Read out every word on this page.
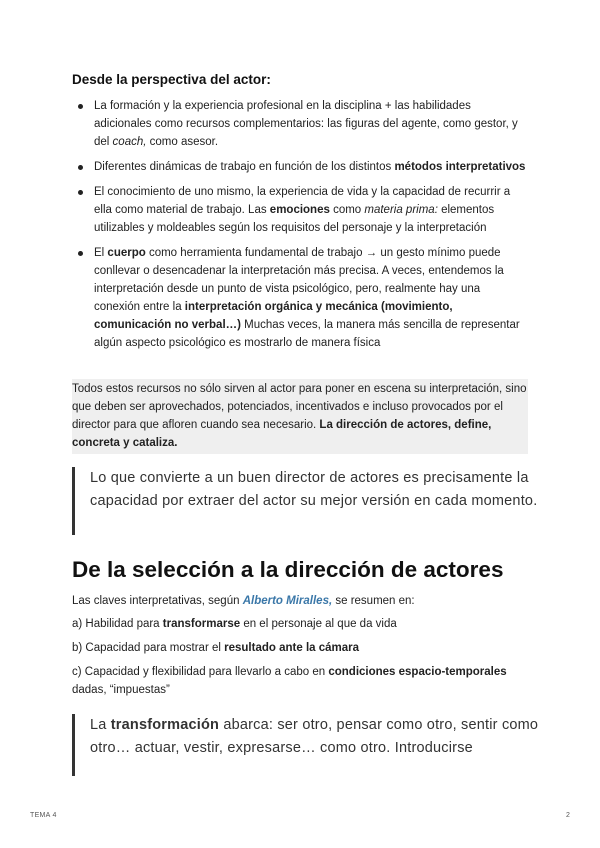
Desde la perspectiva del actor:
La formación y la experiencia profesional en la disciplina + las habilidades adicionales como recursos complementarios: las figuras del agente, como gestor, y del coach, como asesor.
Diferentes dinámicas de trabajo en función de los distintos métodos interpretativos
El conocimiento de uno mismo, la experiencia de vida y la capacidad de recurrir a ella como material de trabajo. Las emociones como materia prima: elementos utilizables y moldeables según los requisitos del personaje y la interpretación
El cuerpo como herramienta fundamental de trabajo → un gesto mínimo puede conllevar o desencadenar la interpretación más precisa. A veces, entendemos la interpretación desde un punto de vista psicológico, pero, realmente hay una conexión entre la interpretación orgánica y mecánica (movimiento, comunicación no verbal…) Muchas veces, la manera más sencilla de representar algún aspecto psicológico es mostrarlo de manera física
Todos estos recursos no sólo sirven al actor para poner en escena su interpretación, sino que deben ser aprovechados, potenciados, incentivados e incluso provocados por el director para que afloren cuando sea necesario. La dirección de actores, define, concreta y cataliza.
Lo que convierte a un buen director de actores es precisamente la capacidad por extraer del actor su mejor versión en cada momento.
De la selección a la dirección de actores

Las claves interpretativas, según Alberto Miralles, se resumen en:

a) Habilidad para transformarse en el personaje al que da vida

b) Capacidad para mostrar el resultado ante la cámara

c) Capacidad y flexibilidad para llevarlo a cabo en condiciones espacio-temporales dadas, “impuestas”

La transformación abarca: ser otro, pensar como otro, sentir como otro… actuar, vestir, expresarse… como otro. Introducirse
TEMA 4	2
